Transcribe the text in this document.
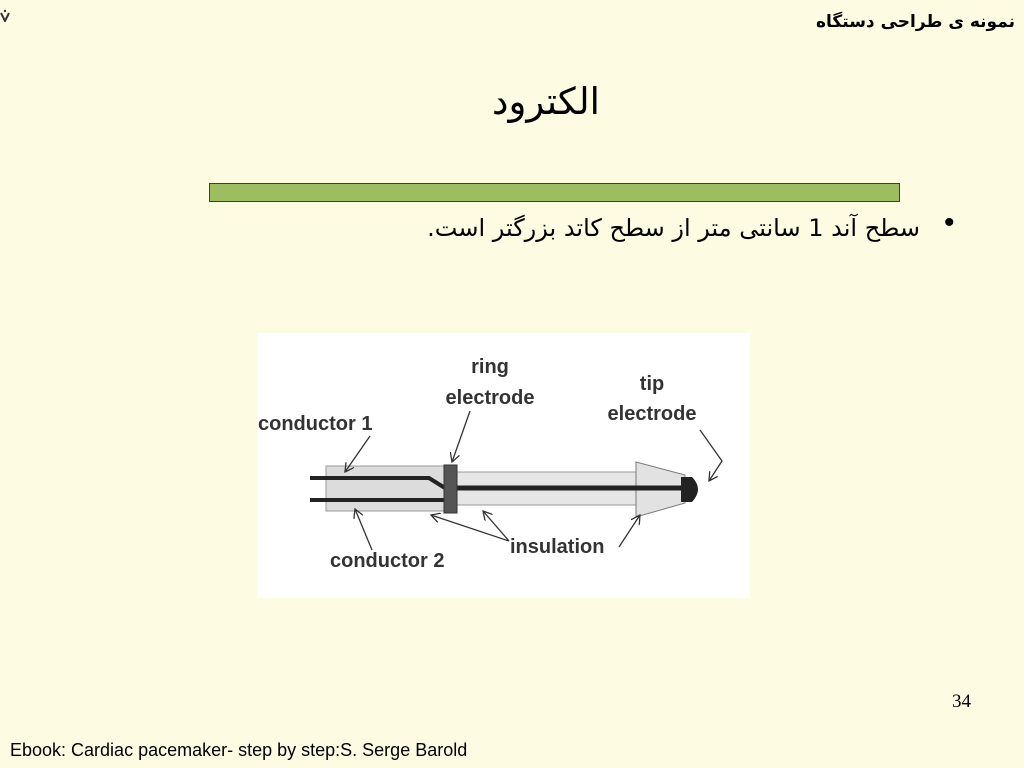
نمونه ی طراحی دستگاه
الکترود
•
سطح آند 1 سانتی متر از سطح کاتد بزرگتر است.
ring
electrode
tip
electrode
conductor 1
conductor 2
insulation
34
Ebook: Cardiac pacemaker- step by step:S. Serge Barold
